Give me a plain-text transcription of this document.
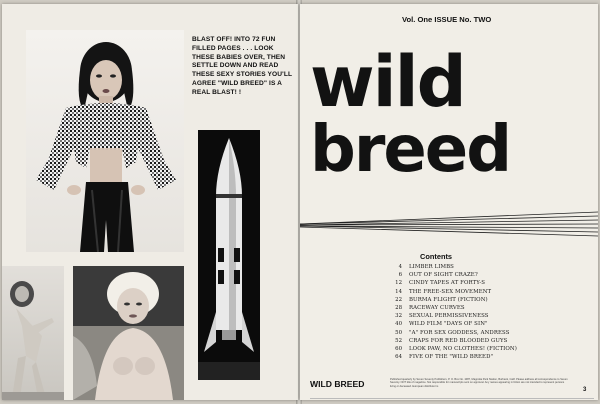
BLAST OFF! INTO 72 FUN FILLED PAGES . . . LOOK THESE BABIES OVER, THEN SETTLE DOWN AND READ THESE SEXY STORIES YOU'LL AGREE "WILD BREED" IS A REAL BLAST! !
Vol. One ISSUE No. TWO
wild
breed
Contents
4 LIMBER LIMBS
6 OUT OF SIGHT CRAZE?
12 CINDY TAPES AT FORTY-S
14 THE FREE-SEX MOVEMENT
22 BURMA FLIGHT (FICTION)
28 RACEWAY CURVES
32 SEXUAL PERMISSIVENESS
40 WILD FILM "DAYS OF SIN"
50 "A" FOR SEX GODDESS, ANDRESS
52 CRAPS FOR RED BLOODED GUYS
60 LOOK PAW, NO CLOTHES! (FICTION)
64 FIVE OF THE "WILD BREED"
WILD BREED	Published quarterly by Seven Seventy Publishers, P. O. Box No. 1087, Magnolia Park Station, Burbank, Calif. Please address all correspondence to Seven Seventy. NOT title of magazine. Not responsible for manuscripts sent on approval. Any names appearing in fiction are not intended to represent persons living or deceased. European distributor is
3
